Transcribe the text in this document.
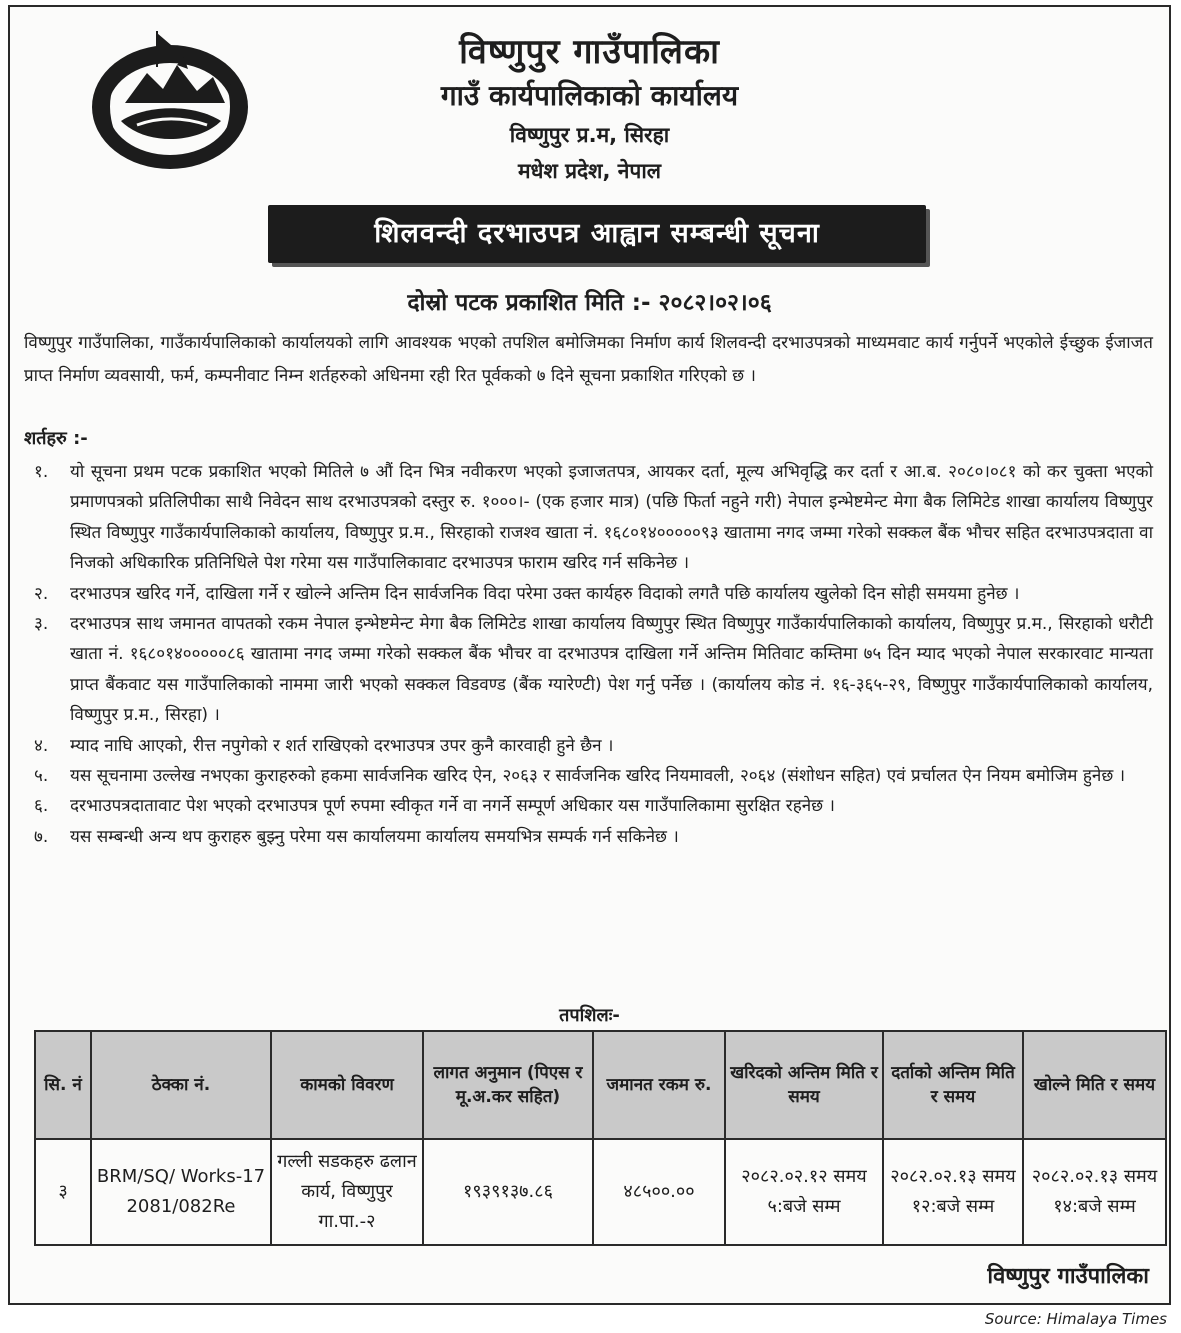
विष्णुपुर गाउँपालिका
गाउँ कार्यपालिकाको कार्यालय
विष्णुपुर प्र.म, सिरहा
मधेश प्रदेश, नेपाल
शिलवन्दी दरभाउपत्र आह्वान सम्बन्धी सूचना
दोस्रो पटक प्रकाशित मिति :- २०८२।०२।०६
विष्णुपुर गाउँपालिका, गाउँकार्यपालिकाको कार्यालयको लागि आवश्यक भएको तपशिल बमोजिमका निर्माण कार्य शिलवन्दी दरभाउपत्रको माध्यमवाट कार्य गर्नुपर्ने भएकोले ईच्छुक ईजाजत प्राप्त निर्माण व्यवसायी, फर्म, कम्पनीवाट निम्न शर्तहरुको अधिनमा रही रित पूर्वकको ७ दिने सूचना प्रकाशित गरिएको छ ।
शर्तहरु :-
१.	यो सूचना प्रथम पटक प्रकाशित भएको मितिले ७ औं दिन भित्र नवीकरण भएको इजाजतपत्र, आयकर दर्ता, मूल्य अभिवृद्धि कर दर्ता र आ.ब. २०८०।०८१ को कर चुक्ता भएको प्रमाणपत्रको प्रतिलिपीका साथै निवेदन साथ दरभाउपत्रको दस्तुर रु. १०००।- (एक हजार मात्र) (पछि फिर्ता नहुने गरी) नेपाल इन्भेष्टमेन्ट मेगा बैक लिमिटेड शाखा कार्यालय विष्णुपुर स्थित विष्णुपुर गाउँकार्यपालिकाको कार्यालय, विष्णुपुर प्र.म., सिरहाको राजश्व खाता नं. १६८०१४०००००९३ खातामा नगद जम्मा गरेको सक्कल बैंक भौचर सहित दरभाउपत्रदाता वा निजको अधिकारिक प्रतिनिधिले पेश गरेमा यस गाउँपालिकावाट दरभाउपत्र फाराम खरिद गर्न सकिनेछ ।
२.	दरभाउपत्र खरिद गर्ने, दाखिला गर्ने र खोल्ने अन्तिम दिन सार्वजनिक विदा परेमा उक्त कार्यहरु विदाको लगतै पछि कार्यालय खुलेको दिन सोही समयमा हुनेछ ।
३.	दरभाउपत्र साथ जमानत वापतको रकम नेपाल इन्भेष्टमेन्ट मेगा बैक लिमिटेड शाखा कार्यालय विष्णुपुर स्थित विष्णुपुर गाउँकार्यपालिकाको कार्यालय, विष्णुपुर प्र.म., सिरहाको धरौटी खाता नं. १६८०१४०००००८६ खातामा नगद जम्मा गरेको सक्कल बैंक भौचर वा दरभाउपत्र दाखिला गर्ने अन्तिम मितिवाट कम्तिमा ७५ दिन म्याद भएको नेपाल सरकारवाट मान्यता प्राप्त बैंकवाट यस गाउँपालिकाको नाममा जारी भएको सक्कल विडवण्ड (बैंक ग्यारेण्टी) पेश गर्नु पर्नेछ । (कार्यालय कोड नं. १६-३६५-२९, विष्णुपुर गाउँकार्यपालिकाको कार्यालय, विष्णुपुर प्र.म., सिरहा) ।
४.	म्याद नाघि आएको, रीत्त नपुगेको र शर्त राखिएको दरभाउपत्र उपर कुनै कारवाही हुने छैन ।
५.	यस सूचनामा उल्लेख नभएका कुराहरुको हकमा सार्वजनिक खरिद ऐन, २०६३ र सार्वजनिक खरिद नियमावली, २०६४ (संशोधन सहित) एवं प्रर्चालत ऐन नियम बमोजिम हुनेछ ।
६.	दरभाउपत्रदातावाट पेश भएको दरभाउपत्र पूर्ण रुपमा स्वीकृत गर्ने वा नगर्ने सम्पूर्ण अधिकार यस गाउँपालिकामा सुरक्षित रहनेछ ।
७.	यस सम्बन्धी अन्य थप कुराहरु बुझ्नु परेमा यस कार्यालयमा कार्यालय समयभित्र सम्पर्क गर्न सकिनेछ ।
तपशिलः-
सि. नं	ठेक्का नं.	कामको विवरण	लागत अनुमान (पिएस र मू.अ.कर सहित)	जमानत रकम रु.	खरिदको अन्तिम मिति र समय	दर्ताको अन्तिम मिति र समय	खोल्ने मिति र समय
३	BRM/SQ/ Works-17 2081/082Re	गल्ली सडकहरु ढलान कार्य, विष्णुपुर गा.पा.-२	१९३९१३७.८६	४८५००.००	२०८२.०२.१२ समय ५:बजे सम्म	२०८२.०२.१३ समय १२:बजे सम्म	२०८२.०२.१३ समय १४:बजे सम्म
विष्णुपुर गाउँपालिका
Source: Himalaya Times
